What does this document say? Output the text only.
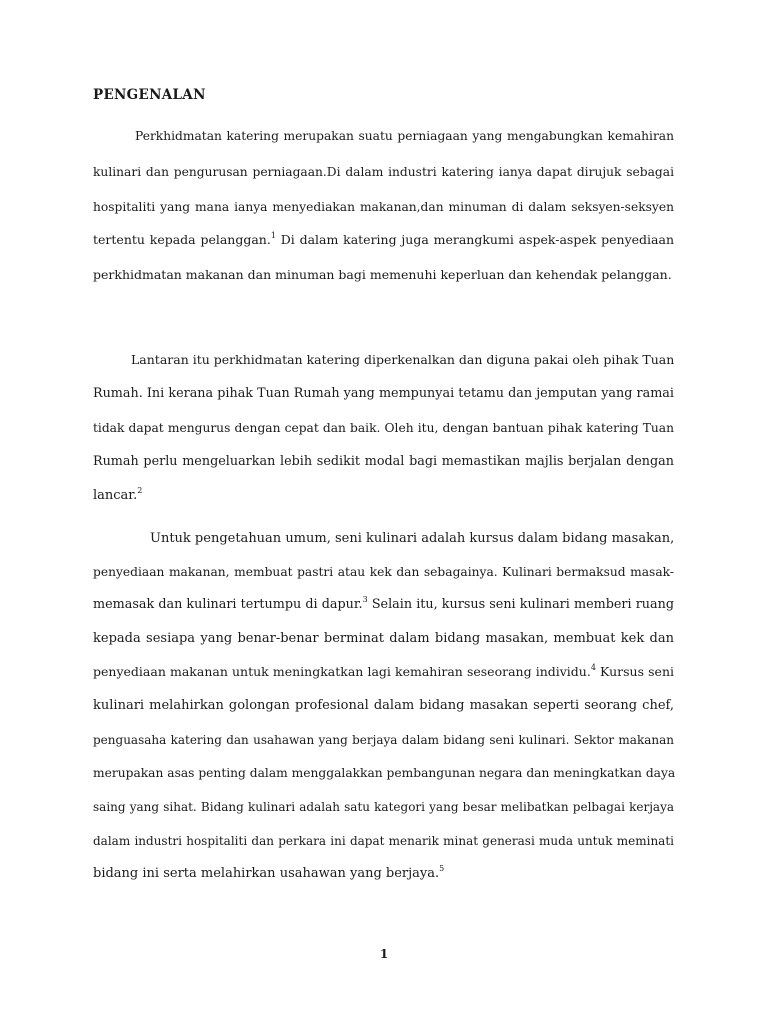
PENGENALAN

Perkhidmatan katering merupakan suatu perniagaan yang mengabungkan kemahiran

kulinari dan pengurusan perniagaan.Di dalam industri katering ianya dapat dirujuk sebagai

hospitaliti yang mana ianya menyediakan makanan,dan minuman di dalam seksyen-seksyen

tertentu kepada pelanggan.$^1$ Di dalam katering juga merangkumi aspek-aspek penyediaan

perkhidmatan makanan dan minuman bagi memenuhi keperluan dan kehendak pelanggan.

Lantaran itu perkhidmatan katering diperkenalkan dan diguna pakai oleh pihak Tuan

Rumah. Ini kerana pihak Tuan Rumah yang mempunyai tetamu dan jemputan yang ramai

tidak dapat mengurus dengan cepat dan baik. Oleh itu, dengan bantuan pihak katering Tuan

Rumah perlu mengeluarkan lebih sedikit modal bagi memastikan majlis berjalan dengan

lancar.$^2$

Untuk pengetahuan umum, seni kulinari adalah kursus dalam bidang masakan,

penyediaan makanan, membuat pastri atau kek dan sebagainya. Kulinari bermaksud masak-

memasak dan kulinari tertumpu di dapur.$^3$ Selain itu, kursus seni kulinari memberi ruang

kepada sesiapa yang benar-benar berminat dalam bidang masakan, membuat kek dan

penyediaan makanan untuk meningkatkan lagi kemahiran seseorang individu.$^4$ Kursus seni

kulinari melahirkan golongan profesional dalam bidang masakan seperti seorang chef,

penguasaha katering dan usahawan yang berjaya dalam bidang seni kulinari. Sektor makanan

merupakan asas penting dalam menggalakkan pembangunan negara dan meningkatkan daya

saing yang sihat. Bidang kulinari adalah satu kategori yang besar melibatkan pelbagai kerjaya

dalam industri hospitaliti dan perkara ini dapat menarik minat generasi muda untuk meminati

bidang ini serta melahirkan usahawan yang berjaya.$^5$

1
